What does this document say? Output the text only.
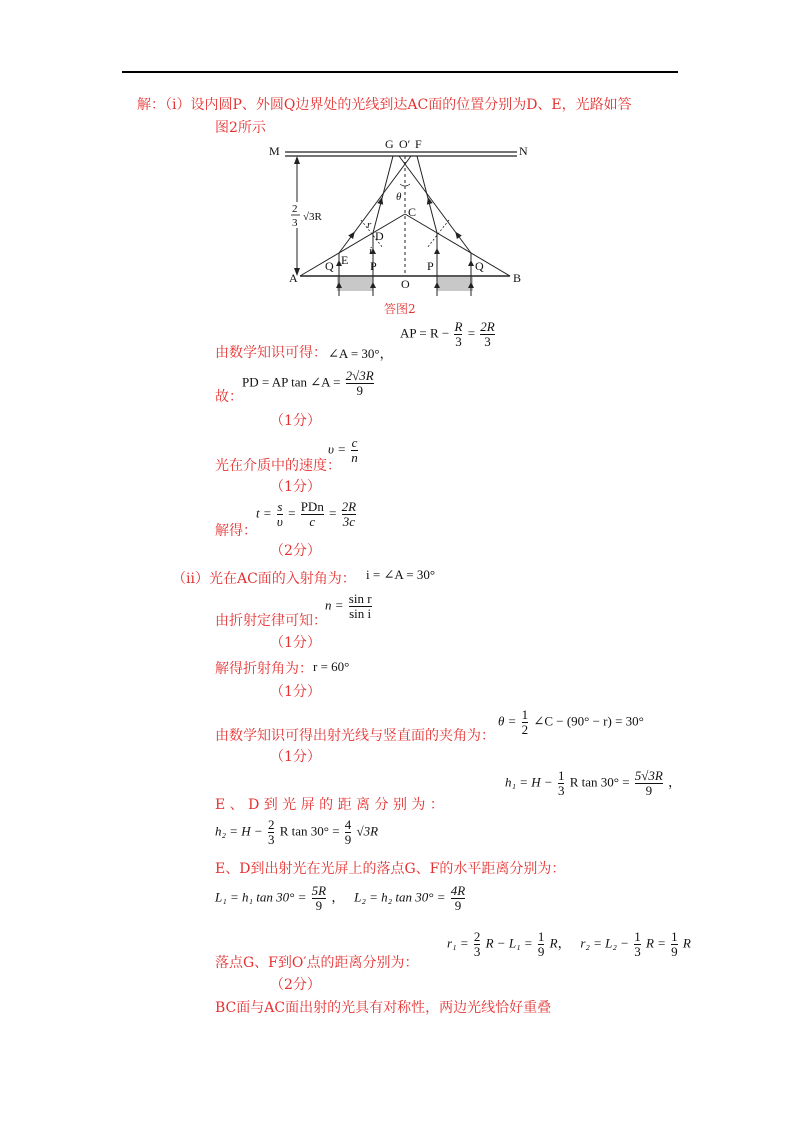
解：（ⅰ）设内圆P、外圆Q边界处的光线到达AC面的位置分别为D、E，光路如答
图2所示
M	N
G O′ F
C
D
E
A	B
O
Q	P	P	Q
r
i
θ
2
3 √3R
答图2
由数学知识可得： ∠A = 30°，
AP = $R - \frac{R}{3} = \frac{2R}{3}$
PD = AP tan ∠A = $\frac{2√3R}{9}$
故：
（1分）
$\upsilon = \frac{c}{n}$
光在介质中的速度：
（1分）
$t = \frac{s}{\upsilon} = \frac{\text{PDn}}{c} = \frac{2R}{3c}$
解得：
（2分）
（ⅱ）光在AC面的入射角为： i = ∠A = 30°
$n = \frac{\text{sin r}}{\text{sin i}}$
由折射定律可知：
（1分）
解得折射角为： r = 60°
（1分）
$\theta = \frac{1}{2}$ ∠C − (90° − r) = 30°
由数学知识可得出射光线与竖直面的夹角为：
（1分）
$h_1 = H - \frac{1}{3}$ R $\tan 30^\circ = \frac{5√3R}{9}$ ，
E 、 D 到 光 屏 的 距 离 分 别 为 ：
$h_2 = H - \frac{2}{3}$ R $\tan 30^\circ = \frac{4}{9} √3R$
E、D到出射光在光屏上的落点G、F的水平距离分别为：
L₁ = h₁ $\tan 30^\circ = \frac{5R}{9}$ ， L₂ = h₂ $\tan 30^\circ = \frac{4R}{9}$
$r_1 = \frac{2}{3}$ $R - L_1 = \frac{1}{9}$ R， $r_2 = L_2 - \frac{1}{3}$ $R = \frac{1}{9}$ R
落点G、F到O′点的距离分别为：
（2分）
BC面与AC面出射的光具有对称性，两边光线恰好重叠
